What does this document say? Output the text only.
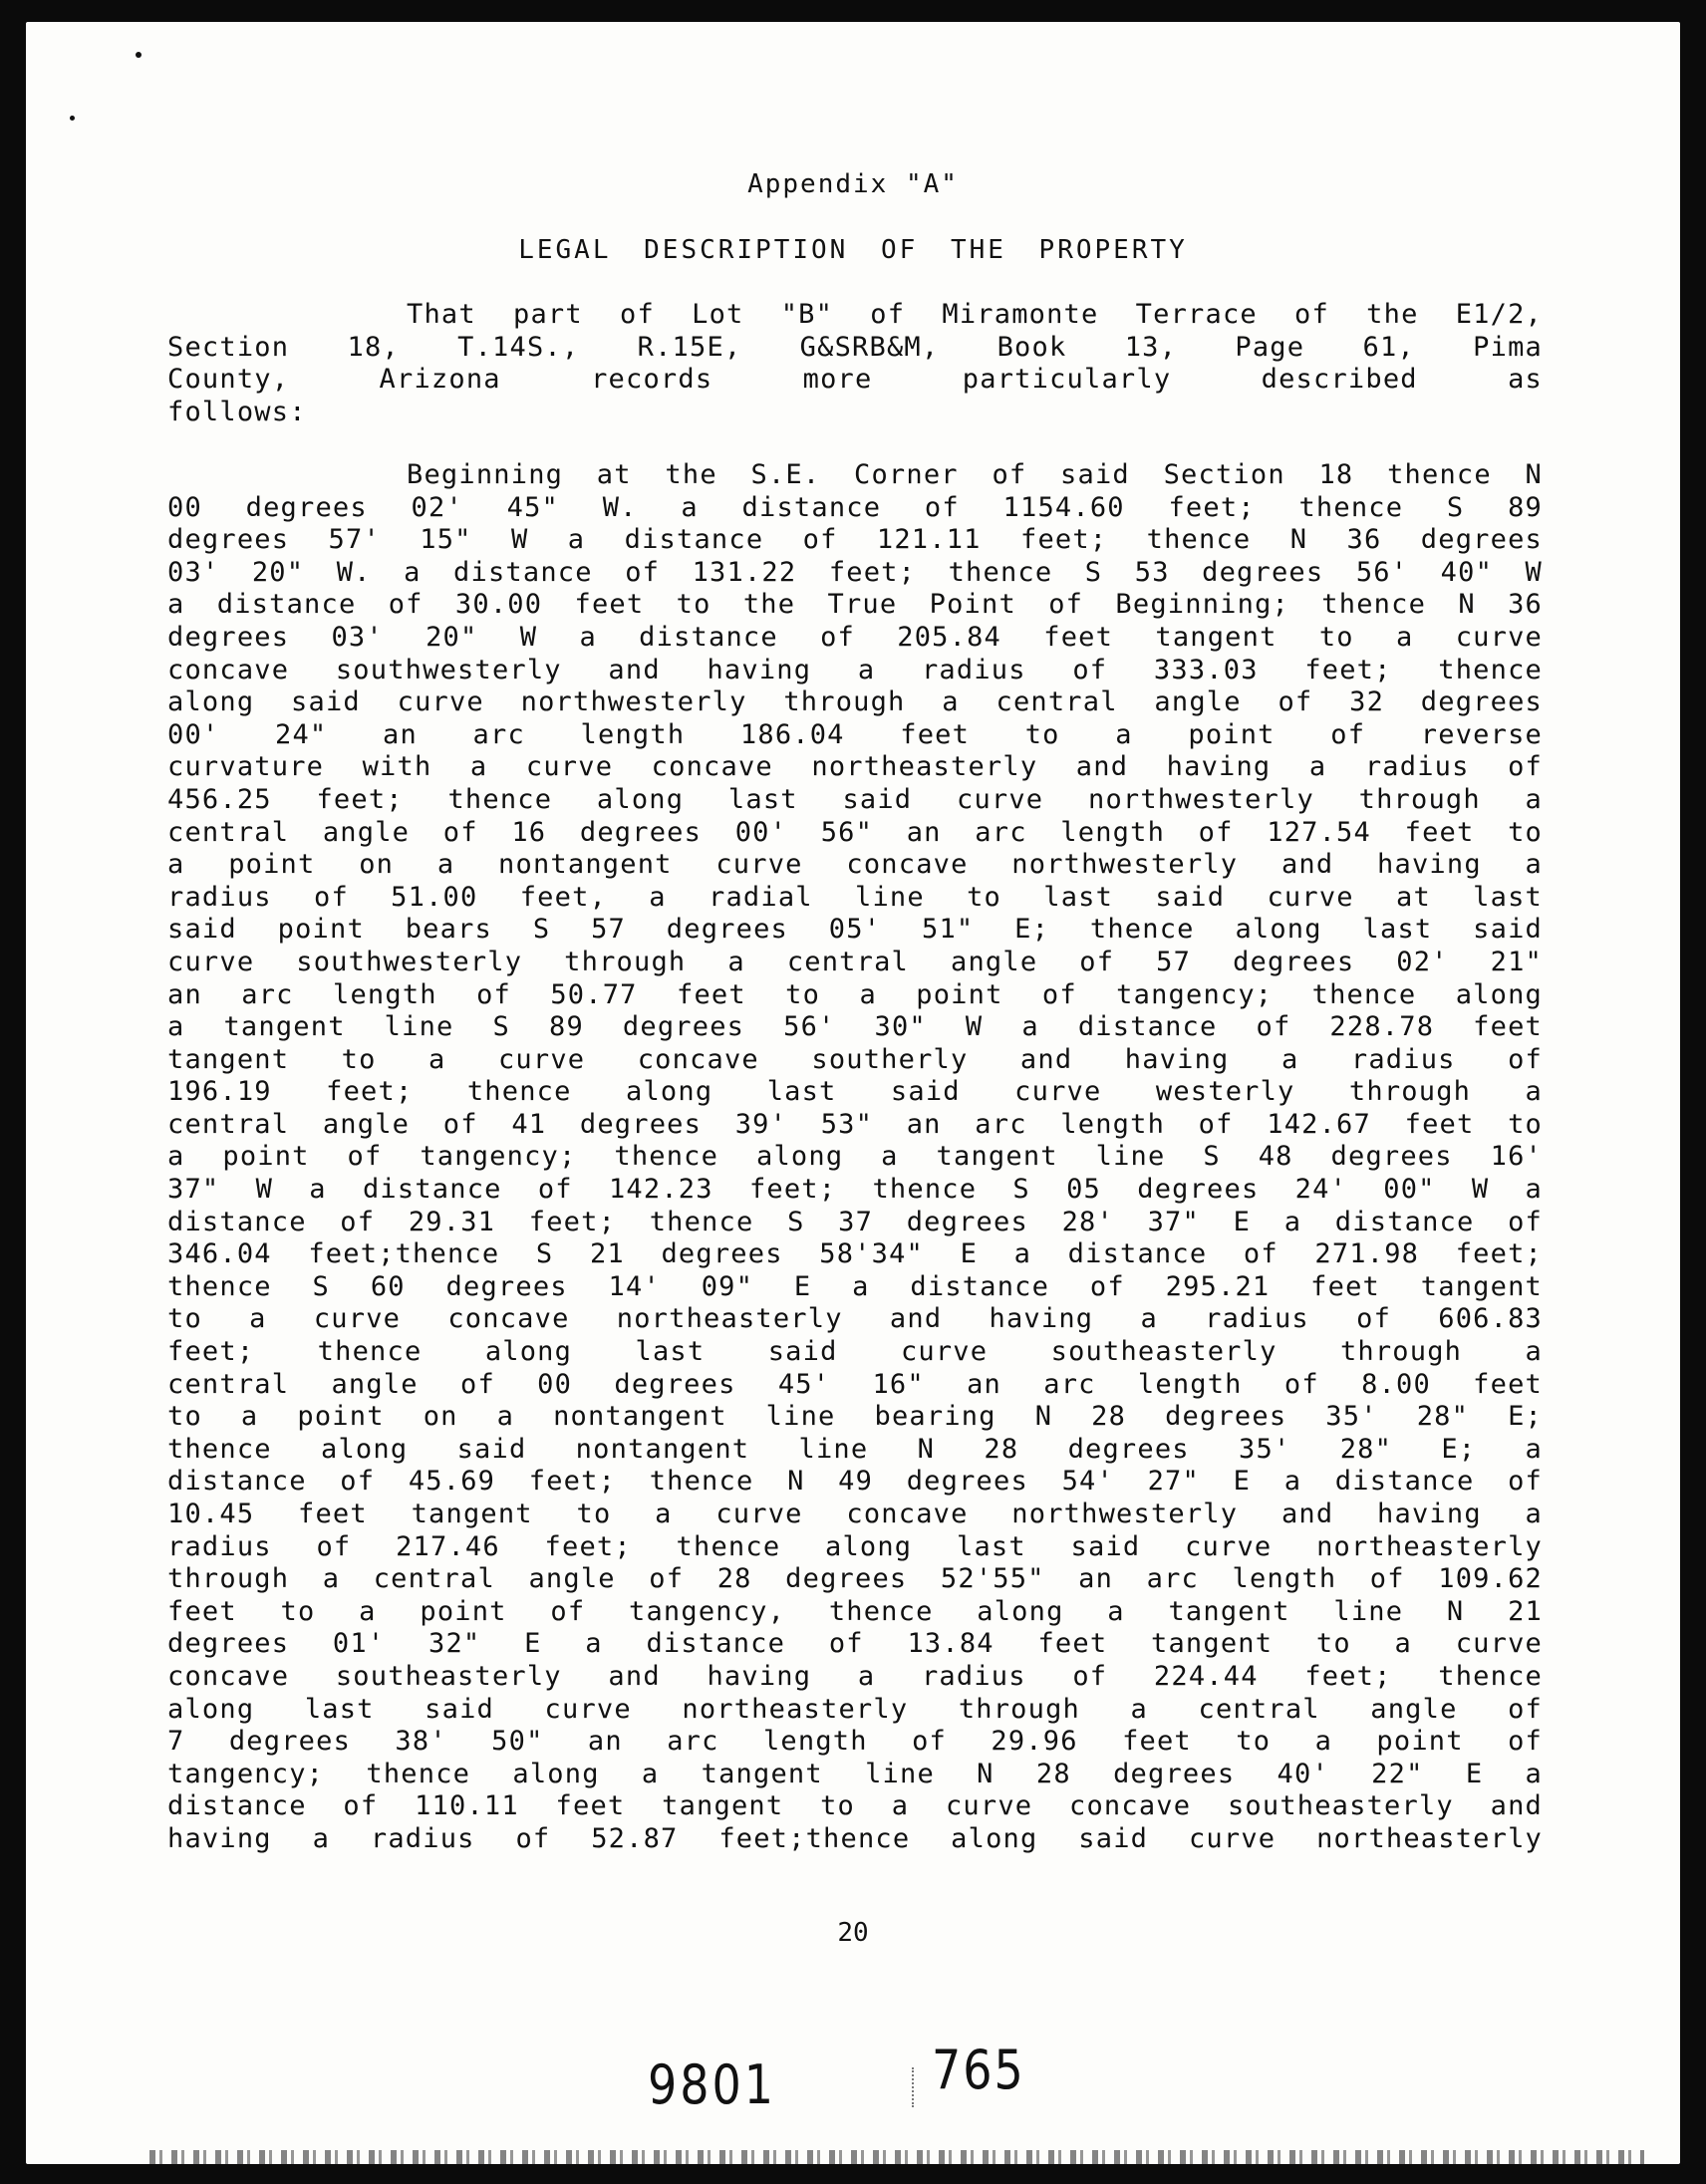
Appendix "A"
LEGAL DESCRIPTION OF THE PROPERTY
That part of Lot "B" of Miramonte Terrace of the E1/2,
Section 18, T.14S., R.15E, G&SRB&M, Book 13, Page 61, Pima
County, Arizona records more particularly described as
follows:
Beginning at the S.E. Corner of said Section 18 thence N
00 degrees 02' 45" W. a distance of 1154.60 feet; thence S 89
degrees 57' 15" W a distance of 121.11 feet; thence N 36 degrees
03' 20" W. a distance of 131.22 feet; thence S 53 degrees 56' 40" W
a distance of 30.00 feet to the True Point of Beginning; thence N 36
degrees 03' 20" W a distance of 205.84 feet tangent to a curve
concave southwesterly and having a radius of 333.03 feet; thence
along said curve northwesterly through a central angle of 32 degrees
00' 24" an arc length 186.04 feet to a point of reverse
curvature with a curve concave northeasterly and having a radius of
456.25 feet; thence along last said curve northwesterly through a
central angle of 16 degrees 00' 56" an arc length of 127.54 feet to
a point on a nontangent curve concave northwesterly and having a
radius of 51.00 feet, a radial line to last said curve at last
said point bears S 57 degrees 05' 51" E; thence along last said
curve southwesterly through a central angle of 57 degrees 02' 21"
an arc length of 50.77 feet to a point of tangency; thence along
a tangent line S 89 degrees 56' 30" W a distance of 228.78 feet
tangent to a curve concave southerly and having a radius of
196.19 feet; thence along last said curve westerly through a
central angle of 41 degrees 39' 53" an arc length of 142.67 feet to
a point of tangency; thence along a tangent line S 48 degrees 16'
37" W a distance of 142.23 feet; thence S 05 degrees 24' 00" W a
distance of 29.31 feet; thence S 37 degrees 28' 37" E a distance of
346.04 feet;thence S 21 degrees 58'34" E a distance of 271.98 feet;
thence S 60 degrees 14' 09" E a distance of 295.21 feet tangent
to a curve concave northeasterly and having a radius of 606.83
feet; thence along last said curve southeasterly through a
central angle of 00 degrees 45' 16" an arc length of 8.00 feet
to a point on a nontangent line bearing N 28 degrees 35' 28" E;
thence along said nontangent line N 28 degrees 35' 28" E; a
distance of 45.69 feet; thence N 49 degrees 54' 27" E a distance of
10.45 feet tangent to a curve concave northwesterly and having a
radius of 217.46 feet; thence along last said curve northeasterly
through a central angle of 28 degrees 52'55" an arc length of 109.62
feet to a point of tangency, thence along a tangent line N 21
degrees 01' 32" E a distance of 13.84 feet tangent to a curve
concave southeasterly and having a radius of 224.44 feet; thence
along last said curve northeasterly through a central angle of
7 degrees 38' 50" an arc length of 29.96 feet to a point of
tangency; thence along a tangent line N 28 degrees 40' 22" E a
distance of 110.11 feet tangent to a curve concave southeasterly and
having a radius of 52.87 feet;thence along said curve northeasterly
20
9801	765
